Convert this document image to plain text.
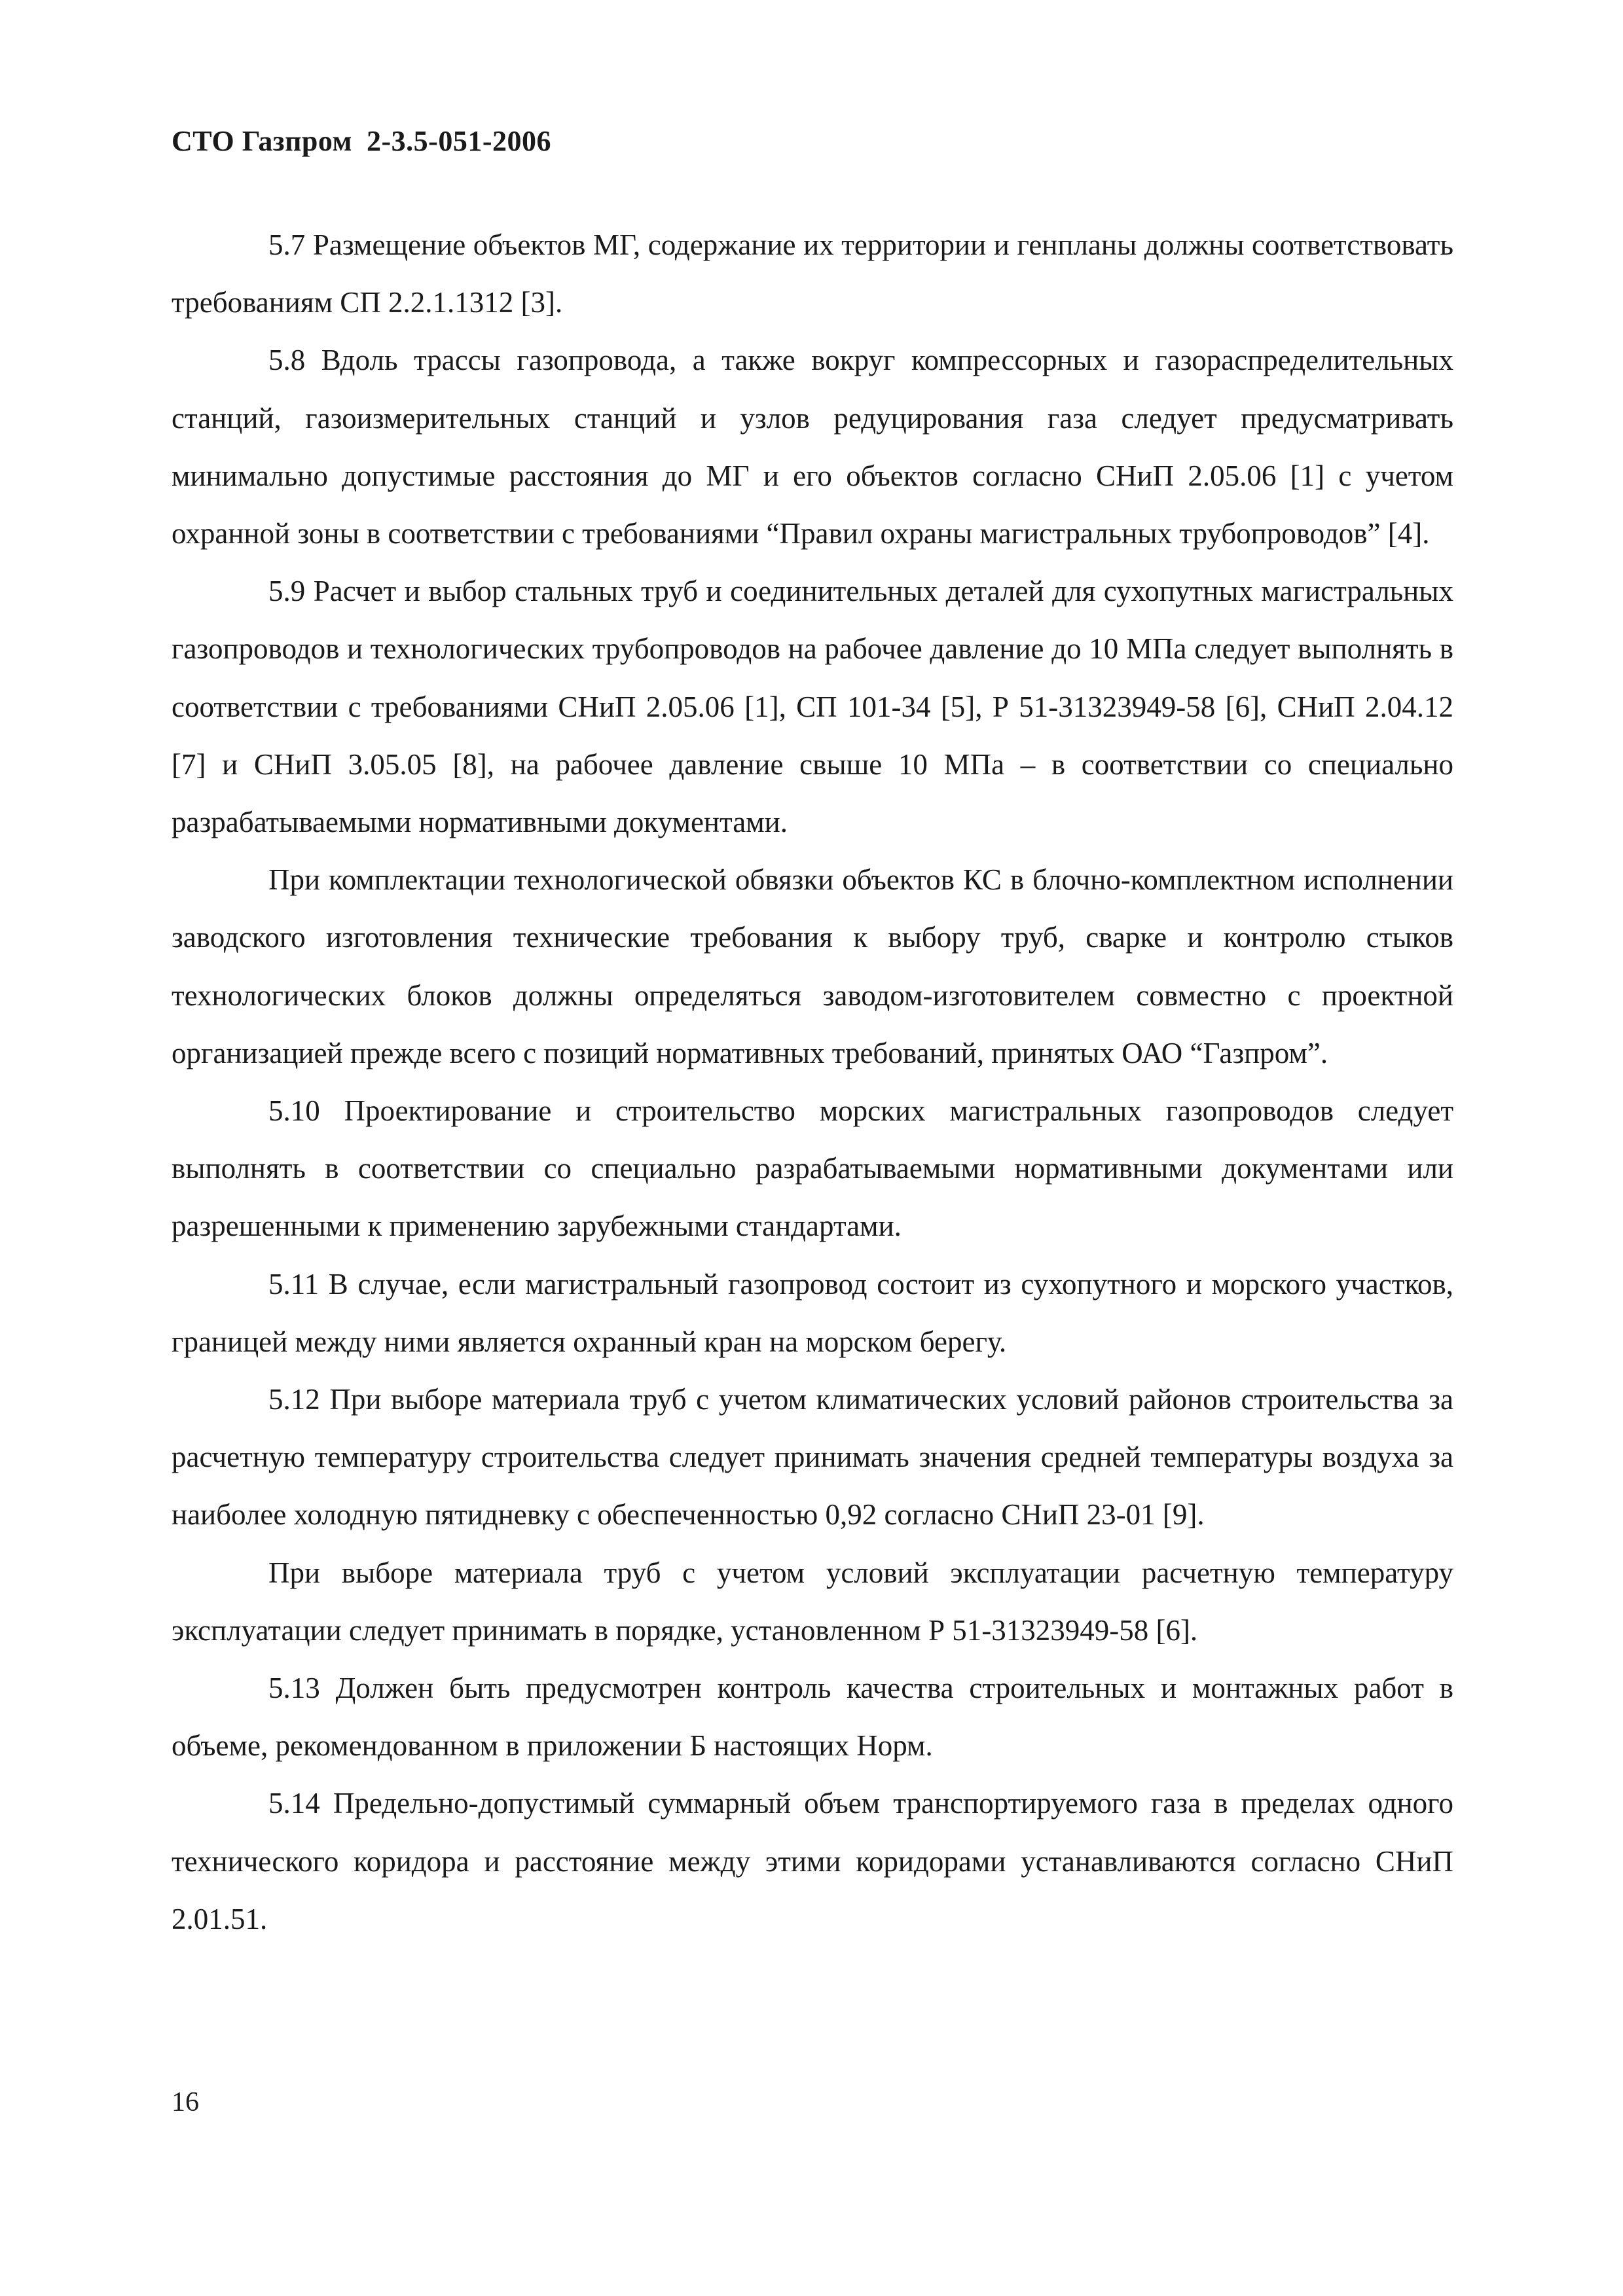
СТО Газпром 2-3.5-051-2006

5.7 Размещение объектов МГ, содержание их территории и генпланы должны соответствовать требованиям СП 2.2.1.1312 [3].

5.8 Вдоль трассы газопровода, а также вокруг компрессорных и газораспределительных станций, газоизмерительных станций и узлов редуцирования газа следует предусматривать минимально допустимые расстояния до МГ и его объектов согласно СНиП 2.05.06 [1] с учетом охранной зоны в соответствии с требованиями “Правил охраны магистральных трубопроводов” [4].

5.9 Расчет и выбор стальных труб и соединительных деталей для сухопутных магистральных газопроводов и технологических трубопроводов на рабочее давление до 10 МПа следует выполнять в соответствии с требованиями СНиП 2.05.06 [1], СП 101-34 [5], Р 51-31323949-58 [6], СНиП 2.04.12 [7] и СНиП 3.05.05 [8], на рабочее давление свыше 10 МПа – в соответствии со специально разрабатываемыми нормативными документами.

При комплектации технологической обвязки объектов КС в блочно-комплектном исполнении заводского изготовления технические требования к выбору труб, сварке и контролю стыков технологических блоков должны определяться заводом-изготовителем совместно с проектной организацией прежде всего с позиций нормативных требований, принятых ОАО “Газпром”.

5.10 Проектирование и строительство морских магистральных газопроводов следует выполнять в соответствии со специально разрабатываемыми нормативными документами или разрешенными к применению зарубежными стандартами.

5.11 В случае, если магистральный газопровод состоит из сухопутного и морского участков, границей между ними является охранный кран на морском берегу.

5.12 При выборе материала труб с учетом климатических условий районов строительства за расчетную температуру строительства следует принимать значения средней температуры воздуха за наиболее холодную пятидневку с обеспеченностью 0,92 согласно СНиП 23-01 [9].

При выборе материала труб с учетом условий эксплуатации расчетную температуру эксплуатации следует принимать в порядке, установленном Р 51-31323949-58 [6].

5.13 Должен быть предусмотрен контроль качества строительных и монтажных работ в объеме, рекомендованном в приложении Б настоящих Норм.

5.14 Предельно-допустимый суммарный объем транспортируемого газа в пределах одного технического коридора и расстояние между этими коридорами устанавливаются согласно СНиП 2.01.51.

16
